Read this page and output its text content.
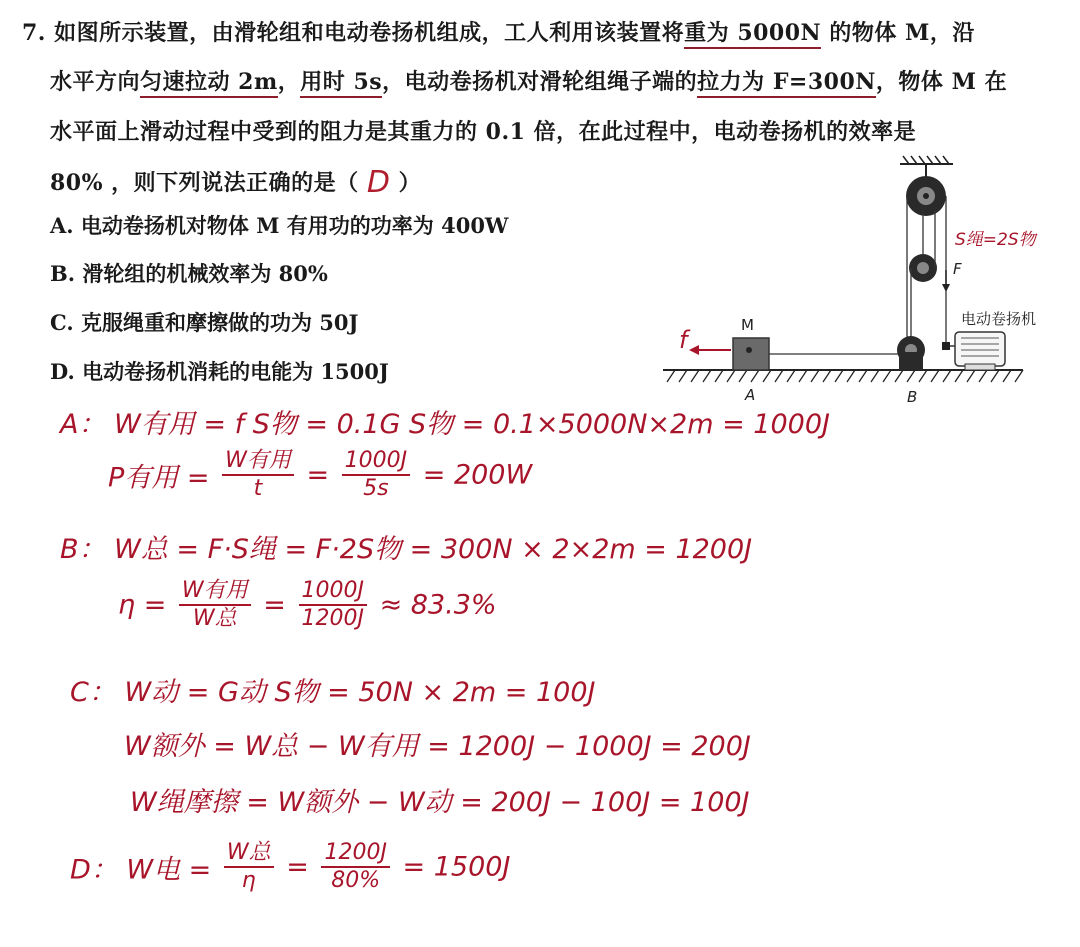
7. 如图所示装置，由滑轮组和电动卷扬机组成，工人利用该装置将重为 5000N 的物体 M，沿
水平方向匀速拉动 2m，用时 5s，电动卷扬机对滑轮组绳子端的拉力为 F=300N，物体 M 在
水平面上滑动过程中受到的阻力是其重力的 0.1 倍，在此过程中，电动卷扬机的效率是
80% ，则下列说法正确的是（ D ）
A. 电动卷扬机对物体 M 有用功的功率为 400W
B. 滑轮组的机械效率为 80%
C. 克服绳重和摩擦做的功为 50J
D. 电动卷扬机消耗的电能为 1500J
F
S绳=2S物
M
A
f
B
电动卷扬机
A： W有用 = f S物 = 0.1G S物 = 0.1×5000N×2m = 1000J
P有用 = $\frac{\text{W有用}}{t} = \frac{1000J}{5s} = 200W$
B： W总 = F·S绳 = F·2S物 = 300N × 2×2m = 1200J
$\eta = \frac{\text{W有用}}{\text{W总}} = \frac{1000J}{1200J} \approx 83.3\%$
C： W动 = G动 S物 = 50N × 2m = 100J
W额外 = W总 − W有用 = 1200J − 1000J = 200J
W绳摩擦 = W额外 − W动 = 200J − 100J = 100J
D： W电 = $\frac{\text{W总}}{\eta} = \frac{1200J}{80\%} = 1500J$
